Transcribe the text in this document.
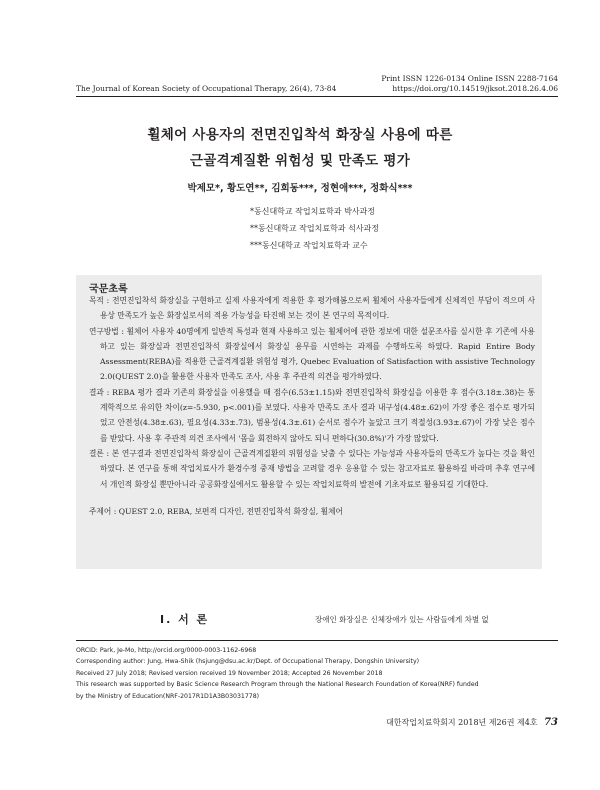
Print ISSN 1226-0134 Online ISSN 2288-7164
https://doi.org/10.14519/jksot.2018.26.4.06
The Journal of Korean Society of Occupational Therapy, 26(4), 73-84
휠체어 사용자의 전면진입착석 화장실 사용에 따른
근골격계질환 위험성 및 만족도 평가
박제모*, 황도연**, 김희동***, 정현애***, 정화식***
*동신대학교 작업치료학과 박사과정
**동신대학교 작업치료학과 석사과정
***동신대학교 작업치료학과 교수
국문초록
목적 : 전면진입착석 화장실을 구현하고 실제 사용자에게 적용한 후 평가해봄으로써 휠체어 사용자들에게 신체적인 부담이 적으며 사용상 만족도가 높은 화장실로서의 적용 가능성을 타진해 보는 것이 본 연구의 목적이다.
연구방법 : 휠체어 사용자 40명에게 일반적 특성과 현재 사용하고 있는 휠체어에 관한 정보에 대한 설문조사를 실시한 후 기존에 사용하고 있는 화장실과 전면진입착석 화장실에서 화장실 용무를 시연하는 과제를 수행하도록 하였다. Rapid Entire Body Assessment(REBA)를 적용한 근골격계질환 위험성 평가, Quebec Evaluation of Satisfaction with assistive Technology 2.0(QUEST 2.0)을 활용한 사용자 만족도 조사, 사용 후 주관적 의견을 평가하였다.
결과 : REBA 평가 결과 기존의 화장실을 이용했을 때 점수(6.53±1.15)와 전면진입착석 화장실을 이용한 후 점수(3.18±.38)는 통계학적으로 유의한 차이(z=-5.930, p<.001)를 보였다. 사용자 만족도 조사 결과 내구성(4.48±.62)이 가장 좋은 점수로 평가되었고 안전성(4.38±.63), 필요성(4.33±.73), 범용성(4.3±.61) 순서로 점수가 높았고 크기 적절성(3.93±.67)이 가장 낮은 점수를 받았다. 사용 후 주관적 의견 조사에서 '몸을 회전하지 않아도 되니 편하다(30.8%)'가 가장 많았다.
결론 : 본 연구결과 전면진입착석 화장실이 근골격계질환의 위험성을 낮출 수 있다는 가능성과 사용자들의 만족도가 높다는 것을 확인하였다. 본 연구를 통해 작업치료사가 환경수정 중재 방법을 고려할 경우 응용할 수 있는 참고자료로 활용하길 바라며 추후 연구에서 개인적 화장실 뿐만아니라 공공화장실에서도 활용할 수 있는 작업치료학의 발전에 기초자료로 활용되길 기대한다.
주제어 : QUEST 2.0, REBA, 보편적 디자인, 전면진입착석 화장실, 휠체어
Ⅰ. 서 론	장애인 화장실은 신체장애가 있는 사람들에게 차별 없
ORCID: Park, Je-Mo, http://orcid.org/0000-0003-1162-6968
Corresponding author: Jung, Hwa-Shik (hsjung@dsu.ac.kr/Dept. of Occupational Therapy, Dongshin University)
Received 27 July 2018; Revised version received 19 November 2018; Accepted 26 November 2018
This research was supported by Basic Science Research Program through the National Research Foundation of Korea(NRF) funded
by the Ministry of Education(NRF-2017R1D1A3B03031778)
대한작업치료학회지 2018년 제26권 제4호 73
